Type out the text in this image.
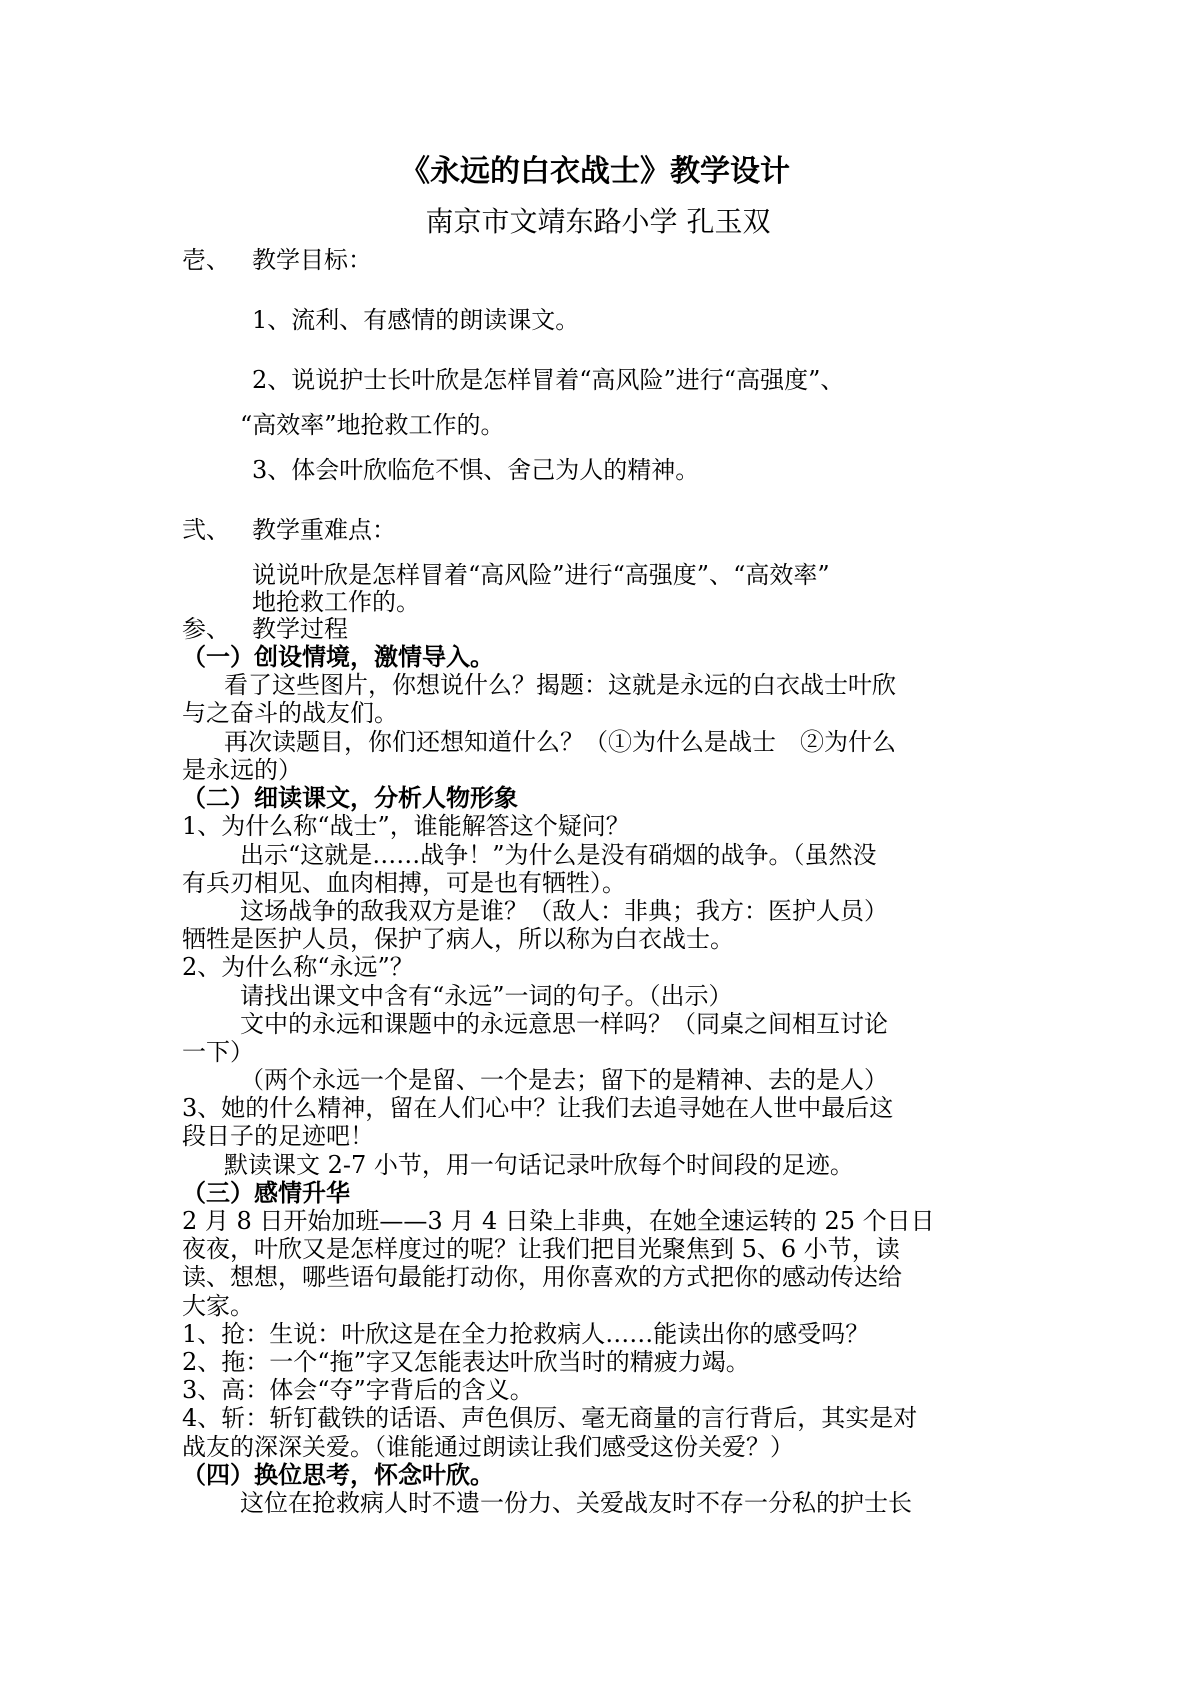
《永远的白衣战士》教学设计
南京市文靖东路小学 孔玉双
壱、 教学目标：
1、流利、有感情的朗读课文。
2、说说护士长叶欣是怎样冒着“高风险”进行“高强度”、
“高效率”地抢救工作的。
3、体会叶欣临危不惧、舍己为人的精神。
弐、 教学重难点：
说说叶欣是怎样冒着“高风险”进行“高强度”、“高效率”
地抢救工作的。
参、 教学过程
（一）创设情境，激情导入。
看了这些图片，你想说什么？揭题：这就是永远的白衣战士叶欣
与之奋斗的战友们。
再次读题目，你们还想知道什么？（①为什么是战士　②为什么
是永远的）
（二）细读课文，分析人物形象
1、为什么称“战士”，谁能解答这个疑问？
出示“这就是……战争！”为什么是没有硝烟的战争。（虽然没
有兵刃相见、血肉相搏，可是也有牺牲）。
这场战争的敌我双方是谁？（敌人：非典；我方：医护人员）
牺牲是医护人员，保护了病人，所以称为白衣战士。
2、为什么称“永远”？
请找出课文中含有“永远”一词的句子。（出示）
文中的永远和课题中的永远意思一样吗？（同桌之间相互讨论
一下）
（两个永远一个是留、一个是去；留下的是精神、去的是人）
3、她的什么精神，留在人们心中？让我们去追寻她在人世中最后这
段日子的足迹吧！
默读课文 2-7 小节，用一句话记录叶欣每个时间段的足迹。
（三）感情升华
2 月 8 日开始加班——3 月 4 日染上非典，在她全速运转的 25 个日日
夜夜，叶欣又是怎样度过的呢？让我们把目光聚焦到 5、6 小节，读
读、想想，哪些语句最能打动你，用你喜欢的方式把你的感动传达给
大家。
1、抢：生说：叶欣这是在全力抢救病人……能读出你的感受吗？
2、拖：一个“拖”字又怎能表达叶欣当时的精疲力竭。
3、高：体会“夺”字背后的含义。
4、斩：斩钉截铁的话语、声色俱厉、毫无商量的言行背后，其实是对
战友的深深关爱。（谁能通过朗读让我们感受这份关爱？）
（四）换位思考，怀念叶欣。
这位在抢救病人时不遗一份力、关爱战友时不存一分私的护士长
